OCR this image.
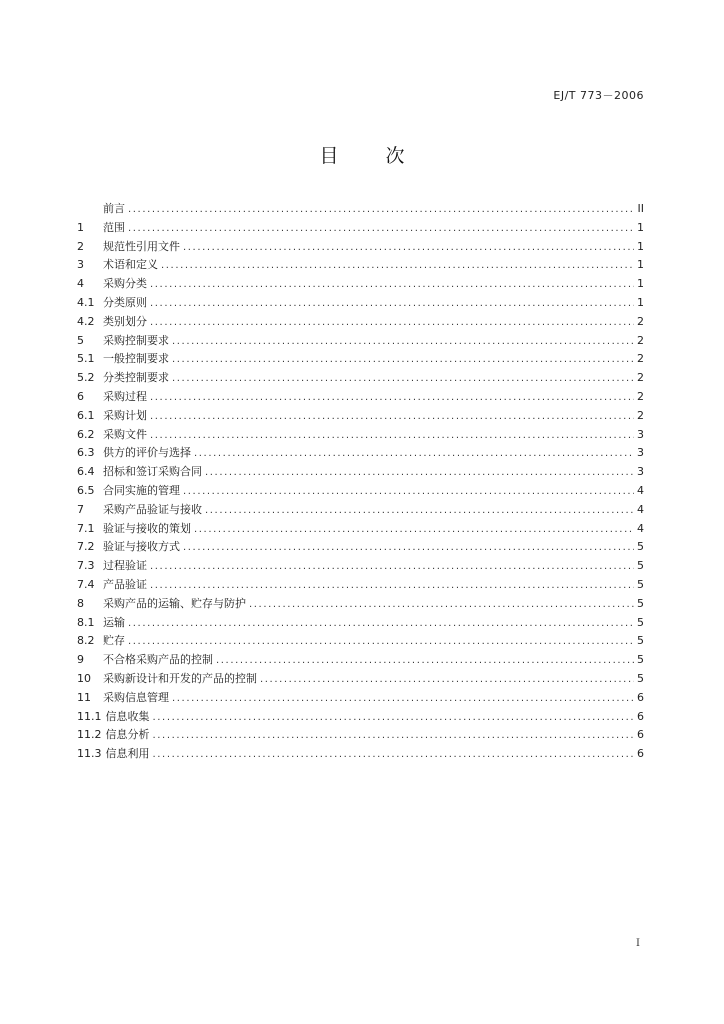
EJ/T 773－2006
目　次
前言 .....	II
1	范围 .....	1
2	规范性引用文件 .....	1
3	术语和定义 .....	1
4	采购分类 .....	1
4.1 分类原则 .....	1
4.2 类别划分 .....	2
5	采购控制要求 .....	2
5.1 一般控制要求 .....	2
5.2 分类控制要求 .....	2
6	采购过程 .....	2
6.1 采购计划 .....	2
6.2 采购文件 .....	3
6.3 供方的评价与选择 .....	3
6.4 招标和签订采购合同 .....	3
6.5 合同实施的管理 .....	4
7	采购产品验证与接收 .....	4
7.1 验证与接收的策划 .....	4
7.2 验证与接收方式 .....	5
7.3 过程验证 .....	5
7.4 产品验证 .....	5
8	采购产品的运输、贮存与防护 .....	5
8.1 运输 .....	5
8.2 贮存 .....	5
9	不合格采购产品的控制 .....	5
10	采购新设计和开发的产品的控制 .....	5
11	采购信息管理 .....	6
11.1 信息收集 .....	6
11.2 信息分析 .....	6
11.3 信息利用 .....	6
I
